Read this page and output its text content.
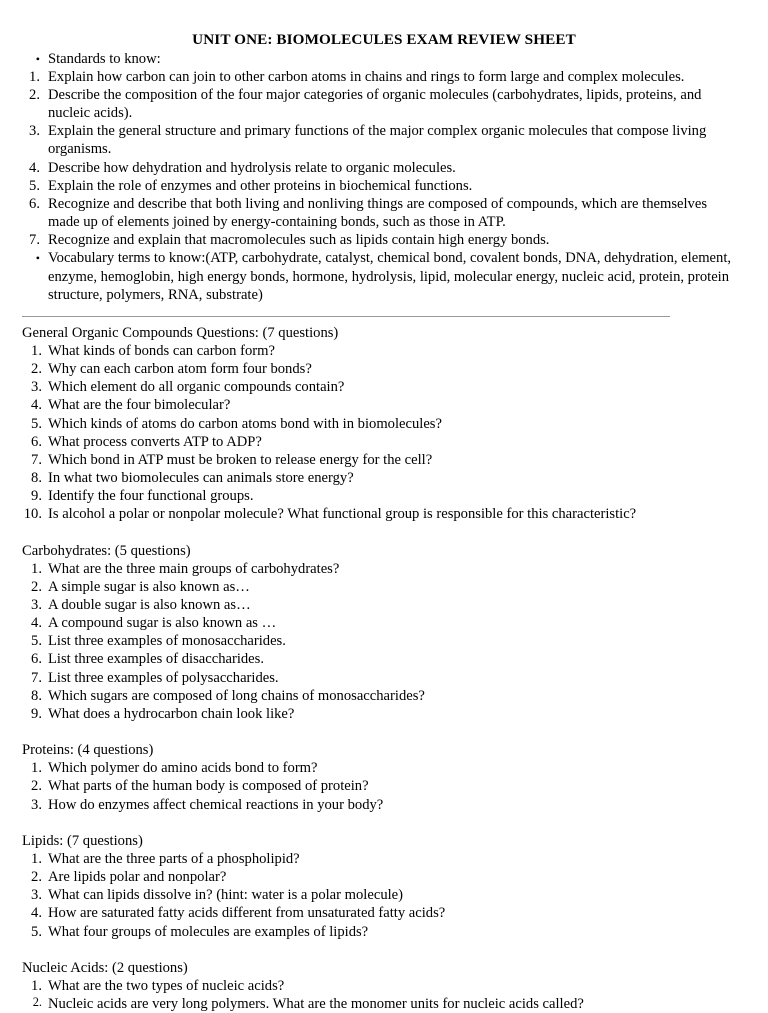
UNIT ONE: BIOMOLECULES EXAM REVIEW SHEET
• Standards to know:
1. Explain how carbon can join to other carbon atoms in chains and rings to form large and complex molecules.
2. Describe the composition of the four major categories of organic molecules (carbohydrates, lipids, proteins, and nucleic acids).
3. Explain the general structure and primary functions of the major complex organic molecules that compose living organisms.
4. Describe how dehydration and hydrolysis relate to organic molecules.
5. Explain the role of enzymes and other proteins in biochemical functions.
6. Recognize and describe that both living and nonliving things are composed of compounds, which are themselves made up of elements joined by energy-containing bonds, such as those in ATP.
7. Recognize and explain that macromolecules such as lipids contain high energy bonds.
• Vocabulary terms to know:(ATP, carbohydrate, catalyst, chemical bond, covalent bonds, DNA, dehydration, element, enzyme, hemoglobin, high energy bonds, hormone, hydrolysis, lipid, molecular energy, nucleic acid, protein, protein structure, polymers, RNA, substrate)
General Organic Compounds Questions: (7 questions)
1. What kinds of bonds can carbon form?
2. Why can each carbon atom form four bonds?
3. Which element do all organic compounds contain?
4. What are the four bimolecular?
5. Which kinds of atoms do carbon atoms bond with in biomolecules?
6. What process converts ATP to ADP?
7. Which bond in ATP must be broken to release energy for the cell?
8. In what two biomolecules can animals store energy?
9. Identify the four functional groups.
10. Is alcohol a polar or nonpolar molecule? What functional group is responsible for this characteristic?
Carbohydrates: (5 questions)
1. What are the three main groups of carbohydrates?
2. A simple sugar is also known as…
3. A double sugar is also known as…
4. A compound sugar is also known as …
5. List three examples of monosaccharides.
6. List three examples of disaccharides.
7. List three examples of polysaccharides.
8. Which sugars are composed of long chains of monosaccharides?
9. What does a hydrocarbon chain look like?
Proteins: (4 questions)
1. Which polymer do amino acids bond to form?
2. What parts of the human body is composed of protein?
3. How do enzymes affect chemical reactions in your body?
Lipids: (7 questions)
1. What are the three parts of a phospholipid?
2. Are lipids polar and nonpolar?
3. What can lipids dissolve in? (hint: water is a polar molecule)
4. How are saturated fatty acids different from unsaturated fatty acids?
5. What four groups of molecules are examples of lipids?
Nucleic Acids: (2 questions)
1. What are the two types of nucleic acids?
2. Nucleic acids are very long polymers. What are the monomer units for nucleic acids called?
